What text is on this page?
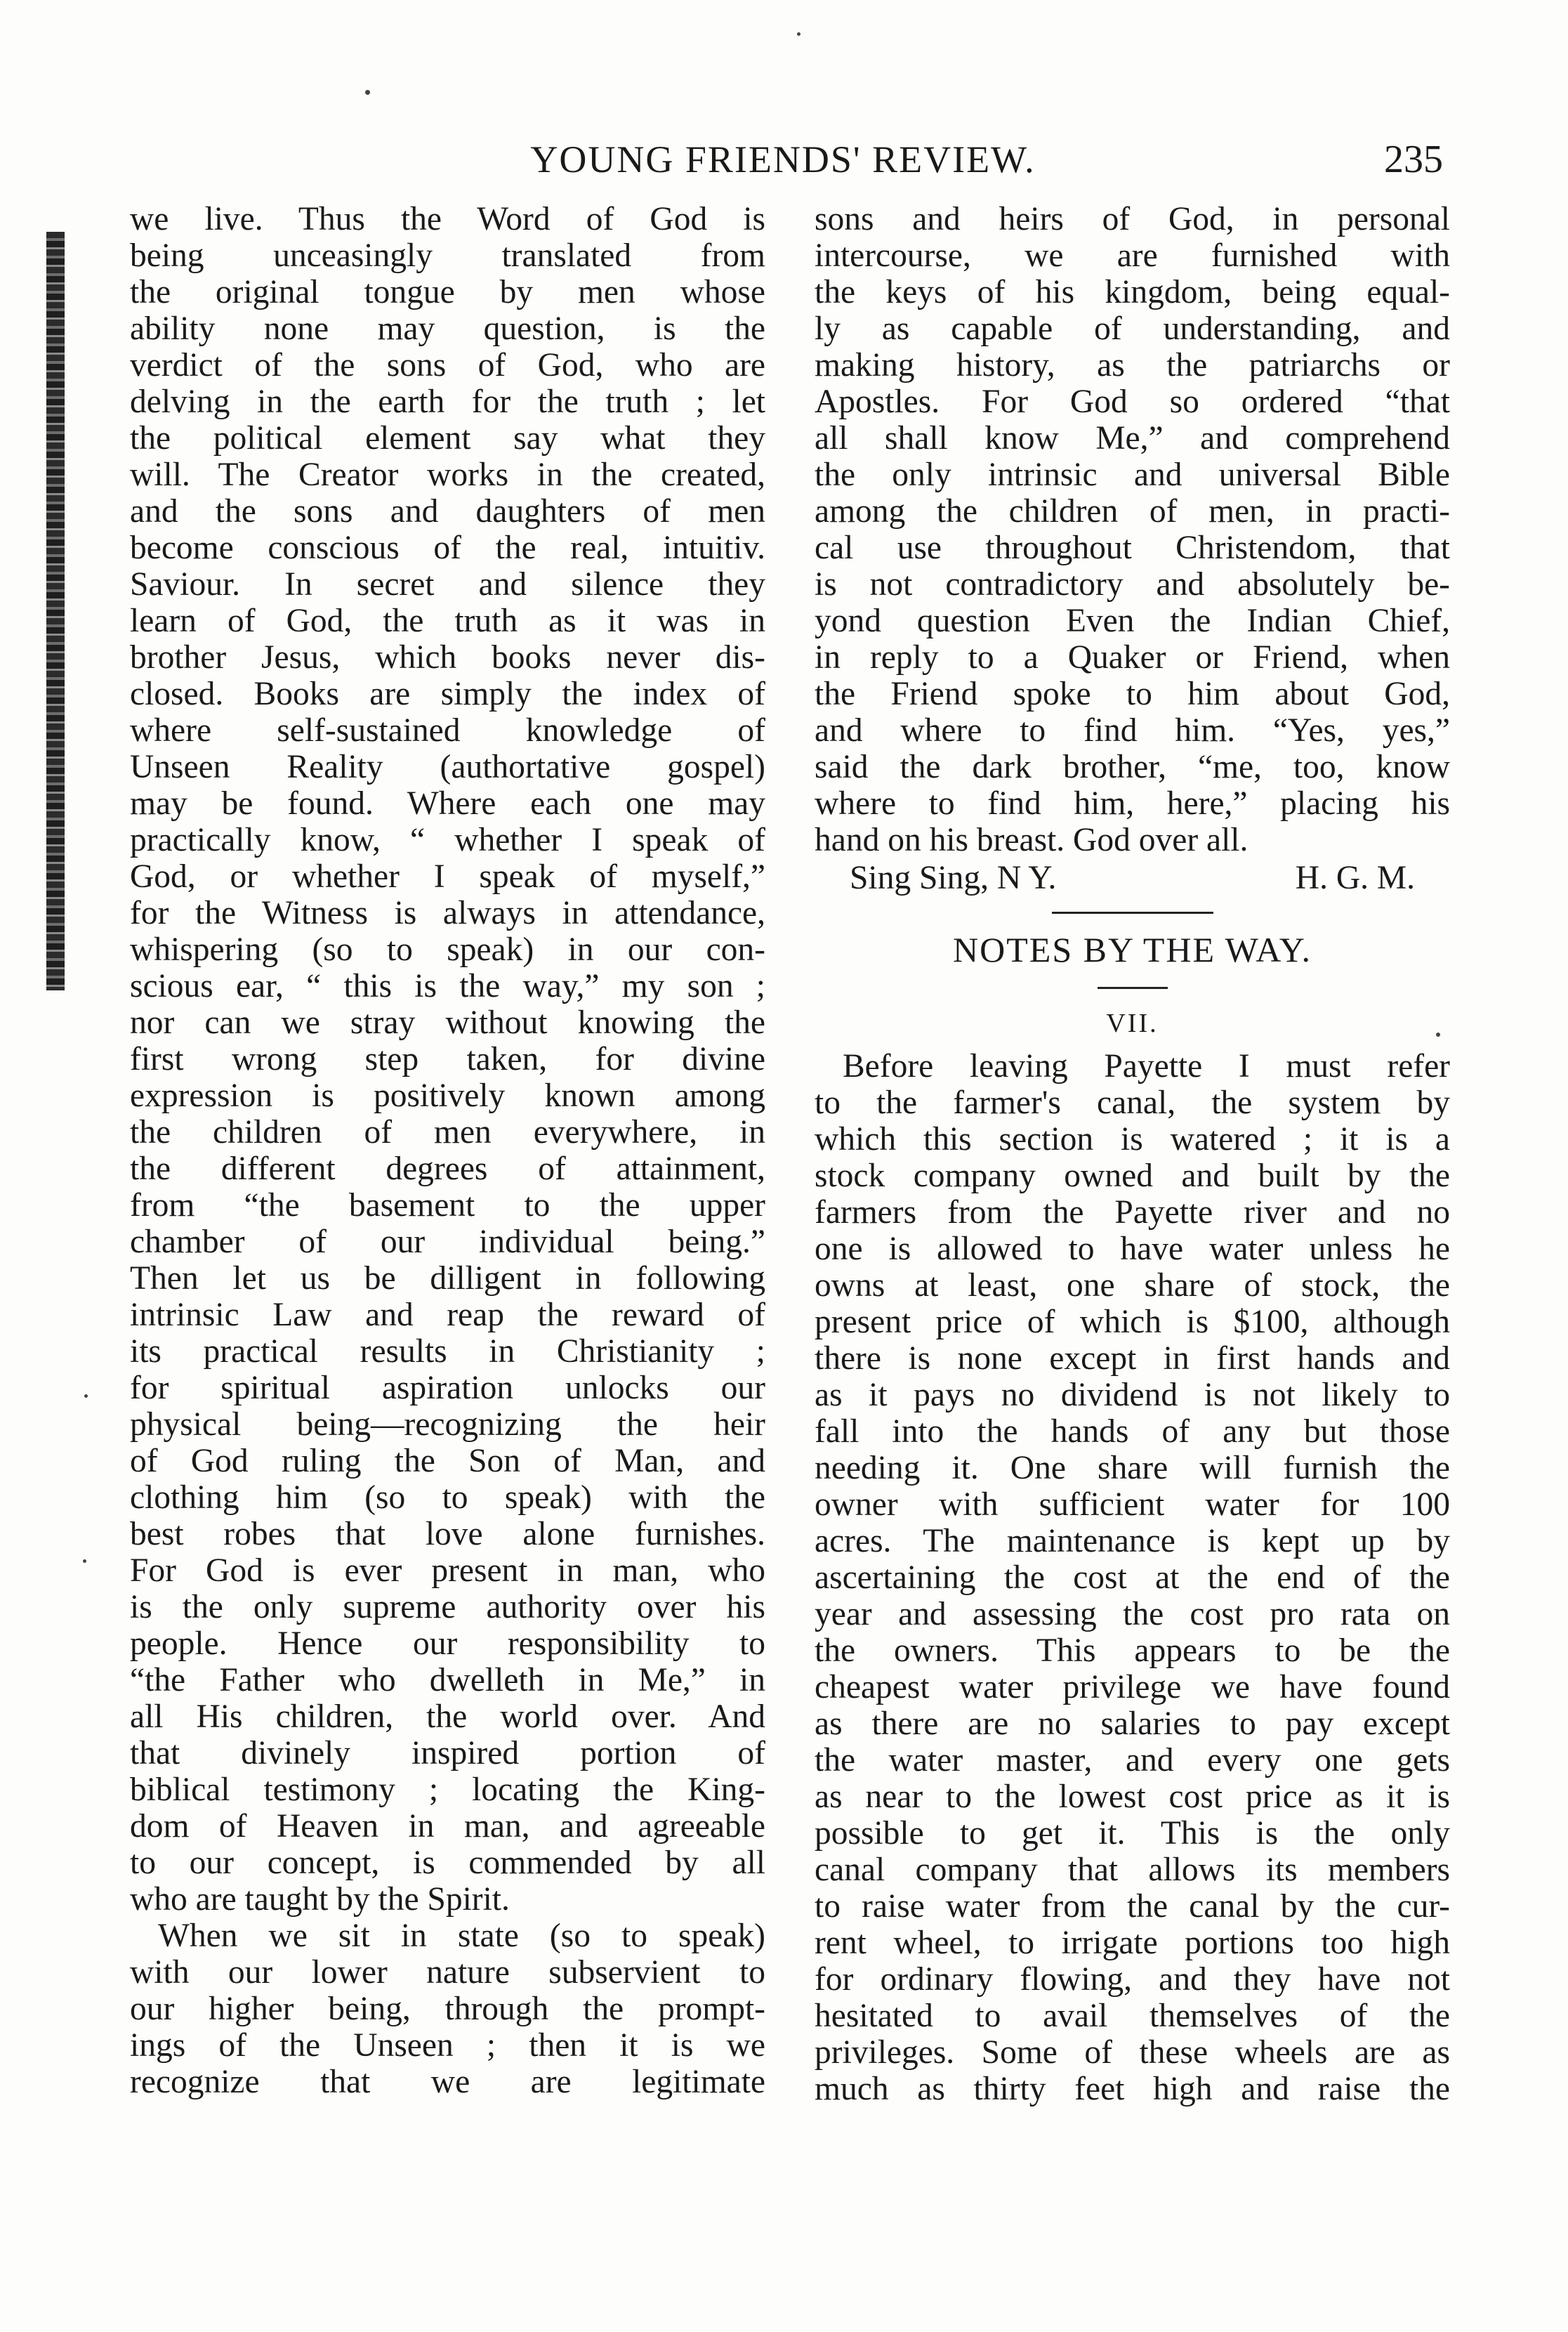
YOUNG FRIENDS' REVIEW.	235
we live. Thus the Word of God is
being unceasingly translated from
the original tongue by men whose
ability none may question, is the
verdict of the sons of God, who are
delving in the earth for the truth ; let
the political element say what they
will. The Creator works in the created,
and the sons and daughters of men
become conscious of the real, intuitiv.
Saviour. In secret and silence they
learn of God, the truth as it was in
brother Jesus, which books never dis-
closed. Books are simply the index of
where self-sustained knowledge of
Unseen Reality (authortative gospel)
may be found. Where each one may
practically know, “ whether I speak of
God, or whether I speak of myself,”
for the Witness is always in attendance,
whispering (so to speak) in our con-
scious ear, “ this is the way,” my son ;
nor can we stray without knowing the
first wrong step taken, for divine
expression is positively known among
the children of men everywhere, in
the different degrees of attainment,
from “the basement to the upper
chamber of our individual being.”
Then let us be dilligent in following
intrinsic Law and reap the reward of
its practical results in Christianity ;
for spiritual aspiration unlocks our
physical being—recognizing the heir
of God ruling the Son of Man, and
clothing him (so to speak) with the
best robes that love alone furnishes.
For God is ever present in man, who
is the only supreme authority over his
people. Hence our responsibility to
“the Father who dwelleth in Me,” in
all His children, the world over. And
that divinely inspired portion of
biblical testimony ; locating the King-
dom of Heaven in man, and agreeable
to our concept, is commended by all
who are taught by the Spirit.
When we sit in state (so to speak)
with our lower nature subservient to
our higher being, through the prompt-
ings of the Unseen ; then it is we
recognize that we are legitimate
sons and heirs of God, in personal
intercourse, we are furnished with
the keys of his kingdom, being equal-
ly as capable of understanding, and
making history, as the patriarchs or
Apostles. For God so ordered “that
all shall know Me,” and comprehend
the only intrinsic and universal Bible
among the children of men, in practi-
cal use throughout Christendom, that
is not contradictory and absolutely be-
yond question Even the Indian Chief,
in reply to a Quaker or Friend, when
the Friend spoke to him about God,
and where to find him. “Yes, yes,”
said the dark brother, “me, too, know
where to find him, here,” placing his
hand on his breast. God over all.
Sing Sing, N Y.	H. G. M.
NOTES BY THE WAY.
VII.
Before leaving Payette I must refer
to the farmer's canal, the system by
which this section is watered ; it is a
stock company owned and built by the
farmers from the Payette river and no
one is allowed to have water unless he
owns at least, one share of stock, the
present price of which is $100, although
there is none except in first hands and
as it pays no dividend is not likely to
fall into the hands of any but those
needing it. One share will furnish the
owner with sufficient water for 100
acres. The maintenance is kept up by
ascertaining the cost at the end of the
year and assessing the cost pro rata on
the owners. This appears to be the
cheapest water privilege we have found
as there are no salaries to pay except
the water master, and every one gets
as near to the lowest cost price as it is
possible to get it. This is the only
canal company that allows its members
to raise water from the canal by the cur-
rent wheel, to irrigate portions too high
for ordinary flowing, and they have not
hesitated to avail themselves of the
privileges. Some of these wheels are as
much as thirty feet high and raise the
